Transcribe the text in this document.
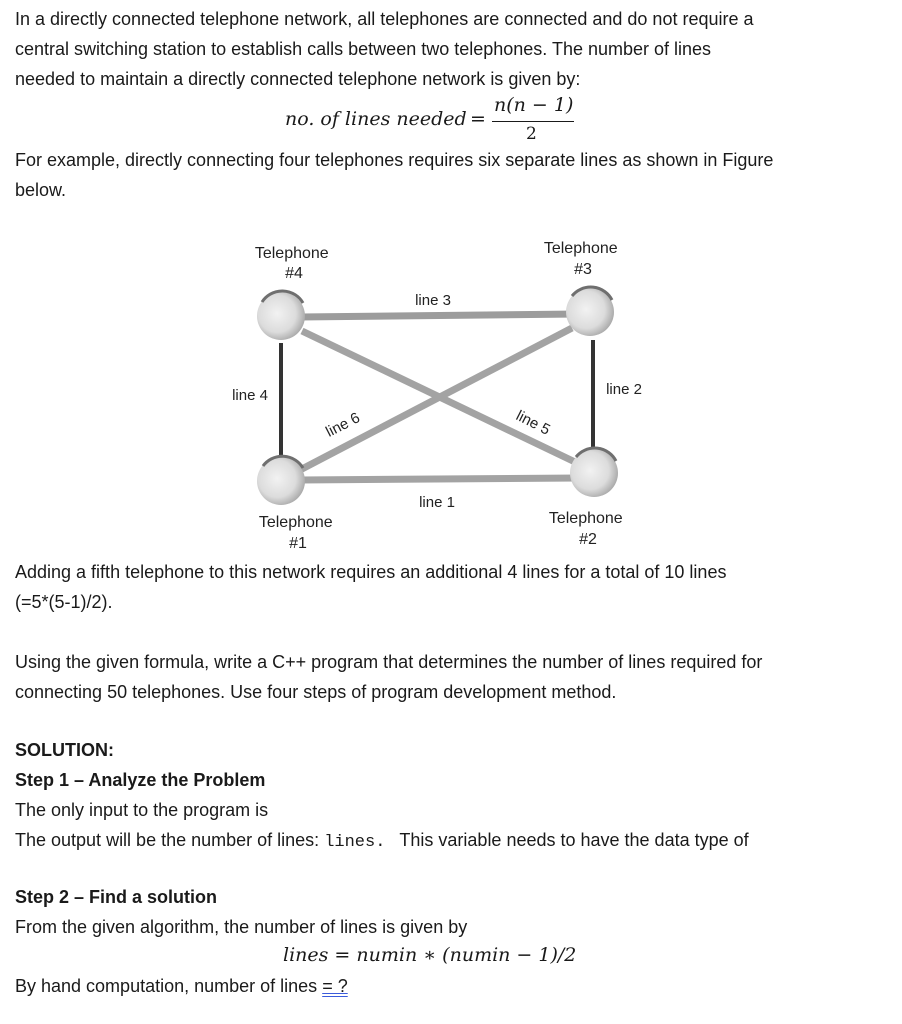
In a directly connected telephone network, all telephones are connected and do not require a

central switching station to establish calls between two telephones. The number of lines

needed to maintain a directly connected telephone network is given by:

no. of lines needed =
n(n − 1)
2

For example, directly connecting four telephones requires six separate lines as shown in Figure

below.

Telephone #4
Telephone #3
Telephone #1
Telephone #2
line 3
line 1
line 4	line 2
line 6	line 5

Adding a fifth telephone to this network requires an additional 4 lines for a total of 10 lines

(=5*(5-1)/2).

Using the given formula, write a C++ program that determines the number of lines required for

connecting 50 telephones. Use four steps of program development method.

SOLUTION:

Step 1 – Analyze the Problem

The only input to the program is

The output will be the number of lines: lines. This variable needs to have the data type of

Step 2 – Find a solution

From the given algorithm, the number of lines is given by

lines = numin ∗ (numin − 1)/2

By hand computation, number of lines = ?
